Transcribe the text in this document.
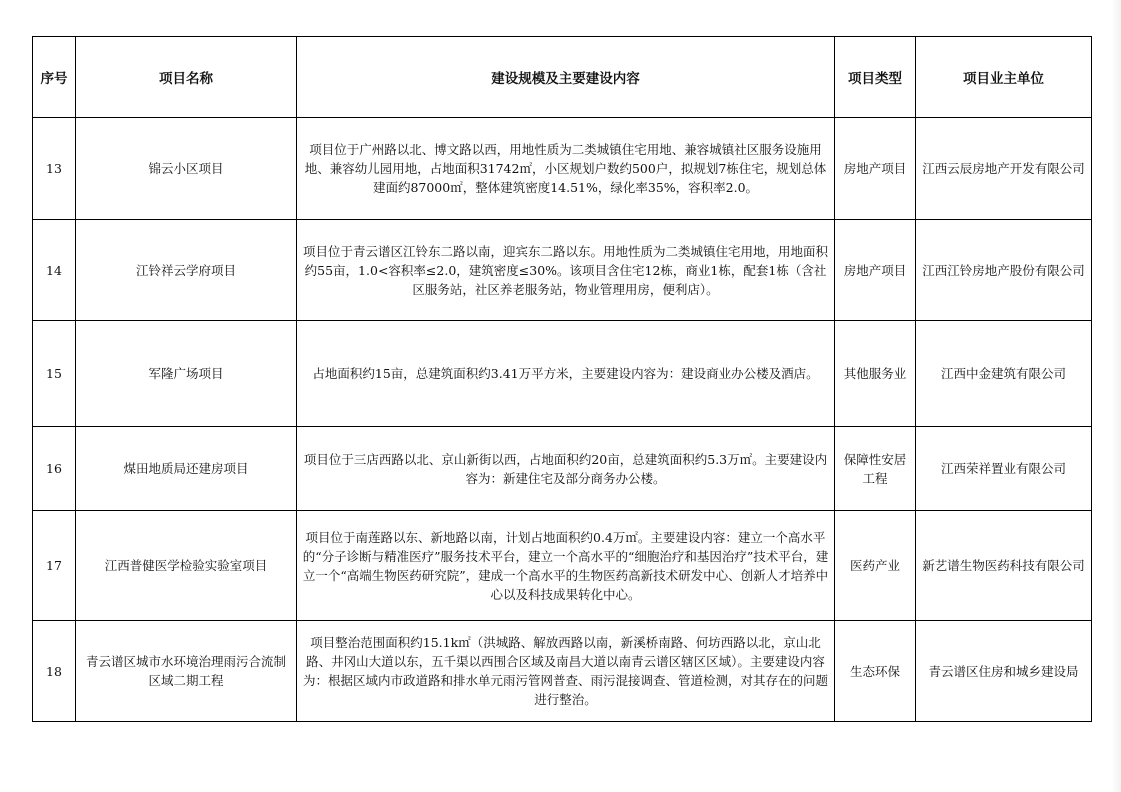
序号	项目名称	建设规模及主要建设内容	项目类型	项目业主单位
13	锦云小区项目	项目位于广州路以北、博文路以西，用地性质为二类城镇住宅用地、兼容城镇社区服务设施用地、兼容幼儿园用地，占地面积31742㎡，小区规划户数约500户，拟规划7栋住宅，规划总体建面约87000㎡，整体建筑密度14.51%，绿化率35%，容积率2.0。	房地产项目	江西云辰房地产开发有限公司
14	江铃祥云学府项目	项目位于青云谱区江铃东二路以南，迎宾东二路以东。用地性质为二类城镇住宅用地，用地面积约55亩，1.0<容积率≤2.0，建筑密度≤30%。该项目含住宅12栋，商业1栋，配套1栋（含社区服务站，社区养老服务站，物业管理用房，便利店）。	房地产项目	江西江铃房地产股份有限公司
15	军隆广场项目	占地面积约15亩，总建筑面积约3.41万平方米，主要建设内容为：建设商业办公楼及酒店。	其他服务业	江西中金建筑有限公司
16	煤田地质局还建房项目	项目位于三店西路以北、京山新街以西，占地面积约20亩，总建筑面积约5.3万㎡。主要建设内容为：新建住宅及部分商务办公楼。	保障性安居工程	江西荣祥置业有限公司
17	江西普健医学检验实验室项目	项目位于南莲路以东、新地路以南，计划占地面积约0.4万㎡。主要建设内容：建立一个高水平的“分子诊断与精准医疗”服务技术平台，建立一个高水平的“细胞治疗和基因治疗”技术平台，建立一个“高端生物医药研究院”，建成一个高水平的生物医药高新技术研发中心、创新人才培养中心以及科技成果转化中心。	医药产业	新艺谱生物医药科技有限公司
18	青云谱区城市水环境治理雨污合流制区域二期工程	项目整治范围面积约15.1k㎡（洪城路、解放西路以南，新溪桥南路、何坊西路以北，京山北路、井冈山大道以东，五千渠以西围合区域及南昌大道以南青云谱区辖区区域）。主要建设内容为：根据区域内市政道路和排水单元雨污管网普查、雨污混接调查、管道检测，对其存在的问题进行整治。	生态环保	青云谱区住房和城乡建设局
